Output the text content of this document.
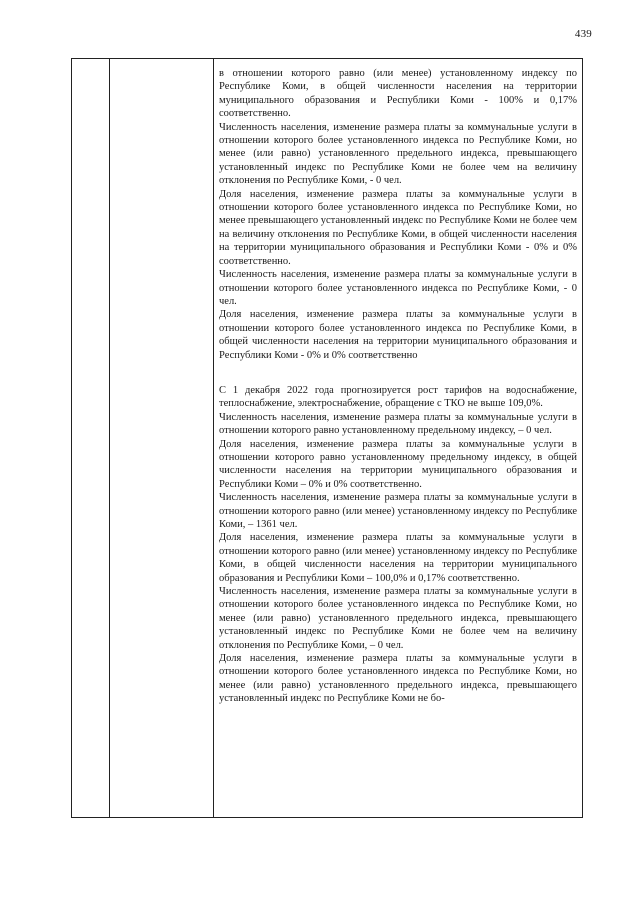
439

в отношении которого равно (или менее) установленному индексу по Республике Коми, в общей численности населения на территории муниципального образования и Республики Коми - 100% и 0,17% соответственно.

Численность населения, изменение размера платы за коммунальные услуги в отношении которого более установленного индекса по Республике Коми, но менее (или равно) установленного предельного индекса, превышающего установленный индекс по Республике Коми не более чем на величину отклонения по Республике Коми, - 0 чел.

Доля населения, изменение размера платы за коммунальные услуги в отношении которого более установленного индекса по Республике Коми, но менее превышающего установленный индекс по Республике Коми не более чем на величину отклонения по Республике Коми, в общей численности населения на территории муниципального образования и Республики Коми - 0% и 0% соответственно.

Численность населения, изменение размера платы за коммунальные услуги в отношении которого более установленного индекса по Республике Коми, - 0 чел.

Доля населения, изменение размера платы за коммунальные услуги в отношении которого более установленного индекса по Республике Коми, в общей численности населения на территории муниципального образования и Республики Коми - 0% и 0% соответственно

С 1 декабря 2022 года прогнозируется рост тарифов на водоснабжение, теплоснабжение, электроснабжение, обращение с ТКО не выше 109,0%.

Численность населения, изменение размера платы за коммунальные услуги в отношении которого равно установленному предельному индексу, – 0 чел.

Доля населения, изменение размера платы за коммунальные услуги в отношении которого равно установленному предельному индексу, в общей численности населения на территории муниципального образования и Республики Коми – 0% и 0% соответственно.

Численность населения, изменение размера платы за коммунальные услуги в отношении которого равно (или менее) установленному индексу по Республике Коми, – 1361 чел.

Доля населения, изменение размера платы за коммунальные услуги в отношении которого равно (или менее) установленному индексу по Республике Коми, в общей численности населения на территории муниципального образования и Республики Коми – 100,0% и 0,17% соответственно.

Численность населения, изменение размера платы за коммунальные услуги в отношении которого более установленного индекса по Республике Коми, но менее (или равно) установленного предельного индекса, превышающего установленный индекс по Республике Коми не более чем на величину отклонения по Республике Коми, – 0 чел.

Доля населения, изменение размера платы за коммунальные услуги в отношении которого более установленного индекса по Республике Коми, но менее (или равно) установленного предельного индекса, превышающего установленный индекс по Республике Коми не бо-
